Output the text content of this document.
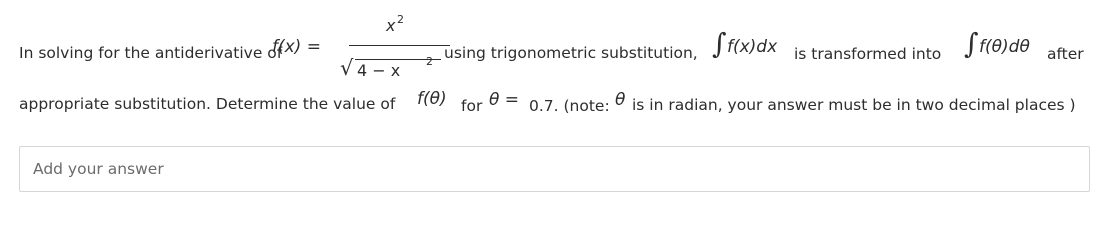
In solving for the antiderivative of
f(x) =
x 2
√ 4 − x 2 using trigonometric substitution, ∫ f(x)dx is transformed into ∫ f(θ)dθ after
appropriate substitution. Determine the value of f(θ) for θ = 0.7. (note: θ is in radian, your answer must be in two decimal places )
Add your answer
